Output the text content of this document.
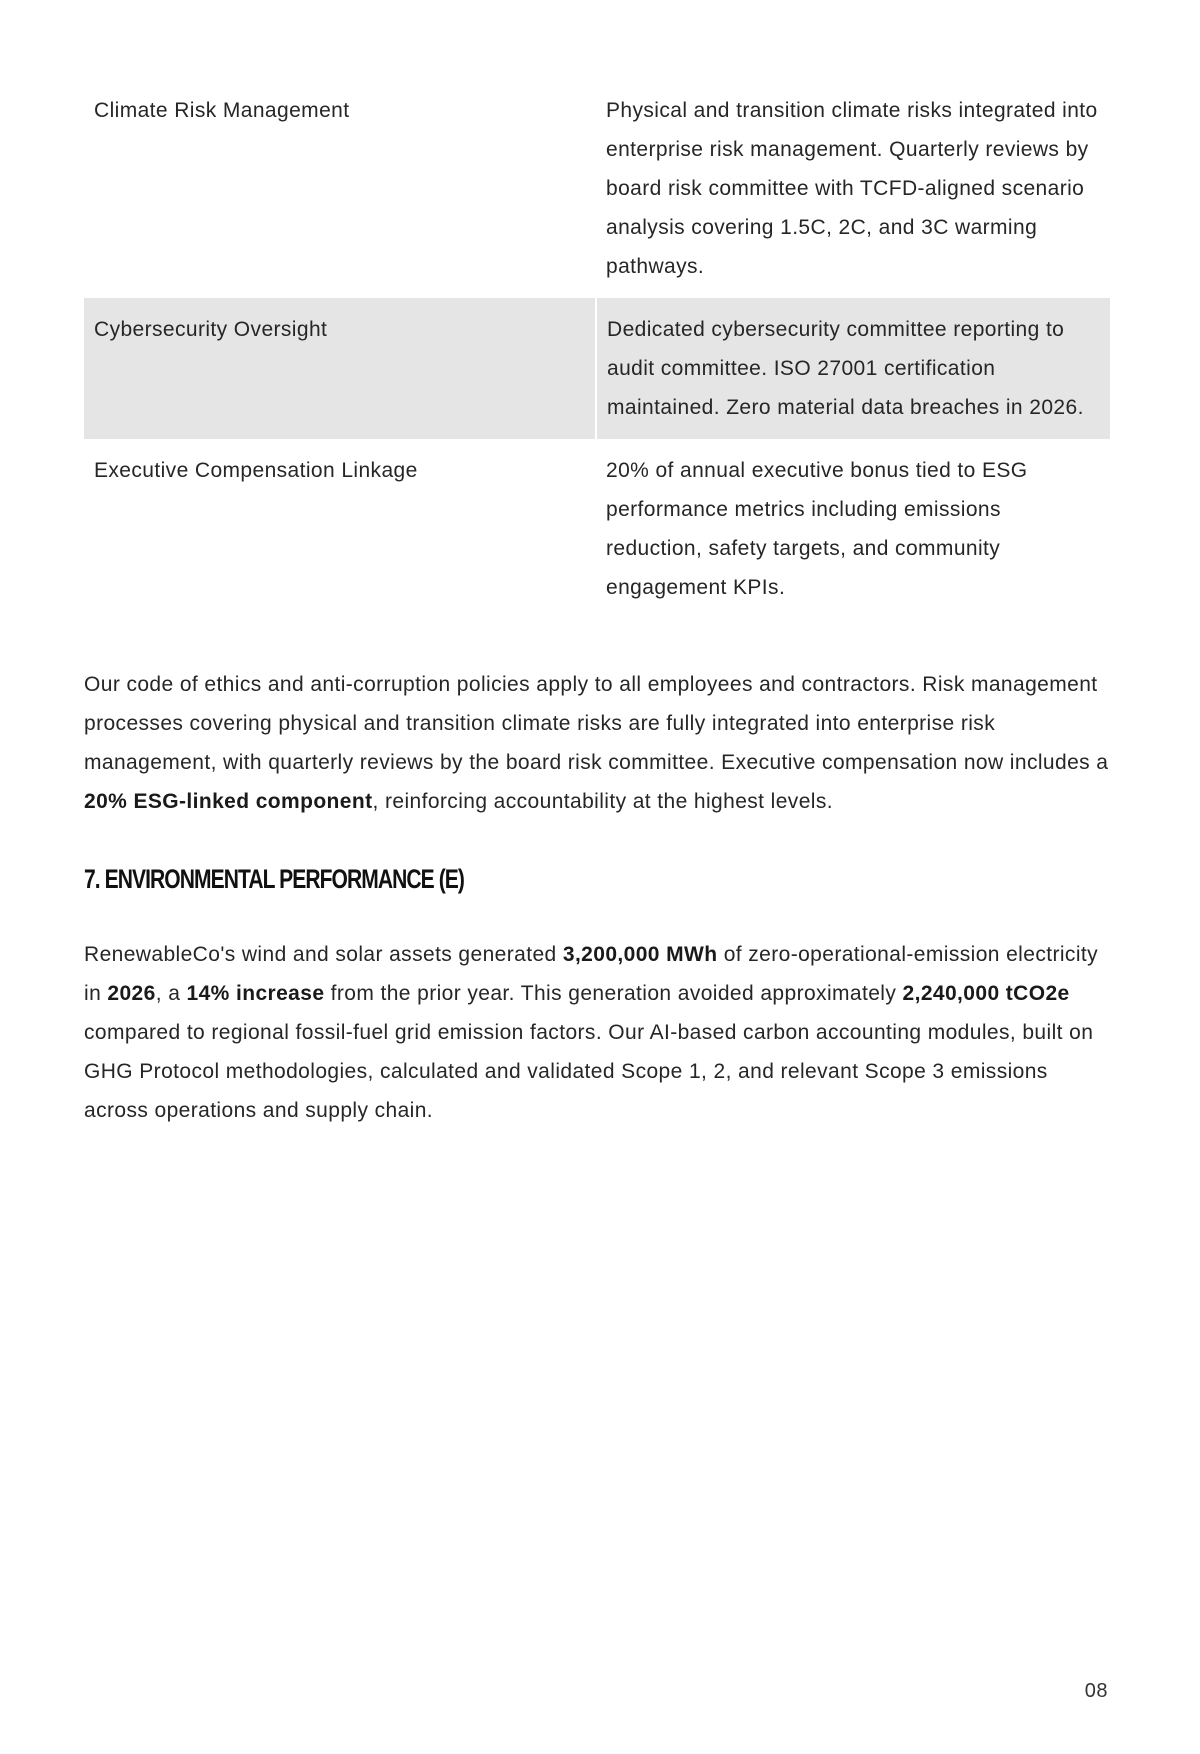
Climate Risk Management	Physical and transition climate risks integrated into enterprise risk management. Quarterly reviews by board risk committee with TCFD-aligned scenario analysis covering 1.5C, 2C, and 3C warming pathways.
Cybersecurity Oversight	Dedicated cybersecurity committee reporting to audit committee. ISO 27001 certification maintained. Zero material data breaches in 2026.
Executive Compensation Linkage	20% of annual executive bonus tied to ESG performance metrics including emissions reduction, safety targets, and community engagement KPIs.

Our code of ethics and anti-corruption policies apply to all employees and contractors. Risk management processes covering physical and transition climate risks are fully integrated into enterprise risk management, with quarterly reviews by the board risk committee. Executive compensation now includes a 20% ESG-linked component, reinforcing accountability at the highest levels.

7. ENVIRONMENTAL PERFORMANCE (E)

RenewableCo's wind and solar assets generated 3,200,000 MWh of zero-operational-emission electricity in 2026, a 14% increase from the prior year. This generation avoided approximately 2,240,000 tCO2e compared to regional fossil-fuel grid emission factors. Our AI-based carbon accounting modules, built on GHG Protocol methodologies, calculated and validated Scope 1, 2, and relevant Scope 3 emissions across operations and supply chain.

08
